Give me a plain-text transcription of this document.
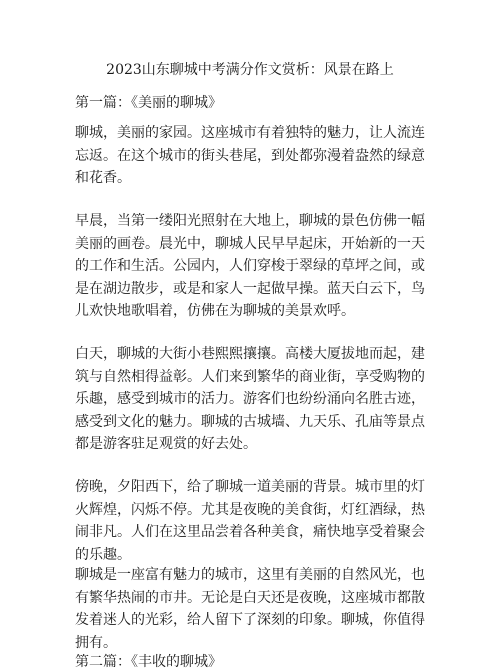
2023山东聊城中考满分作文赏析：风景在路上
第一篇：《美丽的聊城》
聊城，美丽的家园。这座城市有着独特的魅力，让人流连忘返。在这个城市的街头巷尾，到处都弥漫着盎然的绿意和花香。
早晨，当第一缕阳光照射在大地上，聊城的景色仿佛一幅美丽的画卷。晨光中，聊城人民早早起床，开始新的一天的工作和生活。公园内，人们穿梭于翠绿的草坪之间，或是在湖边散步，或是和家人一起做早操。蓝天白云下，鸟儿欢快地歌唱着，仿佛在为聊城的美景欢呼。
白天，聊城的大街小巷熙熙攘攘。高楼大厦拔地而起，建筑与自然相得益彰。人们来到繁华的商业街，享受购物的乐趣，感受到城市的活力。游客们也纷纷涌向名胜古迹，感受到文化的魅力。聊城的古城墙、九天乐、孔庙等景点都是游客驻足观赏的好去处。
傍晚，夕阳西下，给了聊城一道美丽的背景。城市里的灯火辉煌，闪烁不停。尤其是夜晚的美食街，灯红酒绿，热闹非凡。人们在这里品尝着各种美食，痛快地享受着聚会的乐趣。
聊城是一座富有魅力的城市，这里有美丽的自然风光，也有繁华热闹的市井。无论是白天还是夜晚，这座城市都散发着迷人的光彩，给人留下了深刻的印象。聊城，你值得拥有。
第二篇：《丰收的聊城》
